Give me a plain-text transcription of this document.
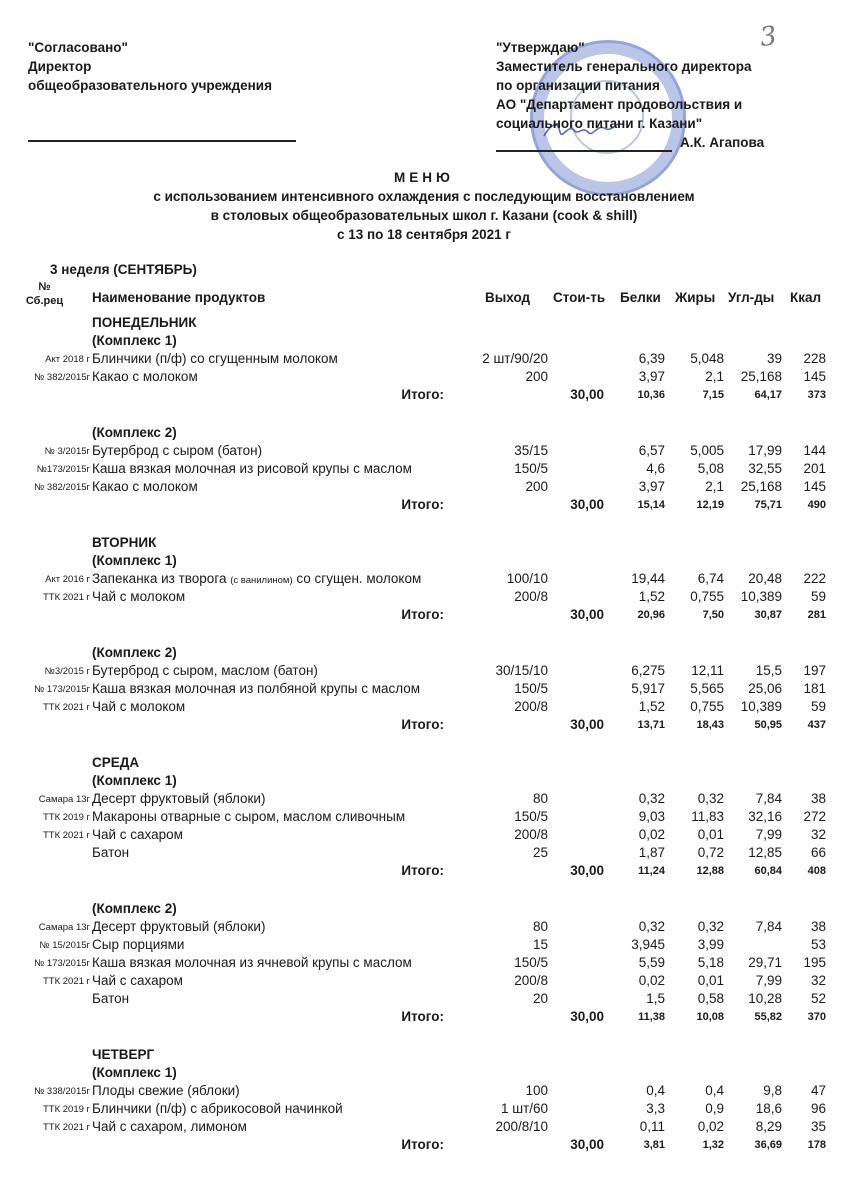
"Согласовано"
Директор
общеобразовательного учреждения
"Утверждаю"
Заместитель генерального директора
по организации питания
АО "Департамент продовольствия и
социального питани г. Казани"
А.К. Агапова
3
МЕНЮ
с использованием интенсивного охлаждения с последующим восстановлением
в столовых общеобразовательных школ г. Казани (cook & shill)
с 13 по 18 сентября 2021 г
3 неделя (СЕНТЯБРЬ)
№
Сб.рец Наименование продуктов	Выход Стои-ть Белки Жиры Угл-ды Ккал
ПОНЕДЕЛЬНИК
(Комплекс 1)
Акт 2018 г Блинчики (п/ф) со сгущенным молоком	2 шт/90/20	6,39 5,048	39 228
№ 382/2015г Какао с молоком	200	3,97	2,1 25,168 145
Итого:	30,00	10,36	7,15	64,17 373
(Комплекс 2)
№ 3/2015г Бутерброд с сыром (батон)	35/15	6,57 5,005 17,99 144
№173/2015г Каша вязкая молочная из рисовой крупы с маслом	150/5	4,6 5,08 32,55 201
№ 382/2015г Какао с молоком	200	3,97	2,1 25,168 145
Итого:	30,00	15,14	12,19	75,71 490
ВТОРНИК
(Комплекс 1)
Акт 2016 г Запеканка из творога (с ванилином) со сгущен. молоком	100/10	19,44 6,74 20,48 222
ТТК 2021 г Чай с молоком	200/8	1,52 0,755 10,389 59
Итого:	30,00	20,96	7,50	30,87 281
(Комплекс 2)
№3/2015 г Бутерброд с сыром, маслом (батон)	30/15/10	6,275 12,11 15,5 197
№ 173/2015г Каша вязкая молочная из полбяной крупы с маслом	150/5	5,917 5,565 25,06 181
ТТК 2021 г Чай с молоком	200/8	1,52 0,755 10,389 59
Итого:	30,00	13,71	18,43	50,95 437
СРЕДА
(Комплекс 1)
Самара 13г Десерт фруктовый (яблоки)	80	0,32 0,32 7,84 38
ТТК 2019 г Макароны отварные с сыром, маслом сливочным	150/5	9,03 11,83 32,16 272
ТТК 2021 г Чай с сахаром	200/8	0,02 0,01 7,99 32
Батон	25	1,87 0,72 12,85 66
Итого:	30,00	11,24	12,88	60,84 408
(Комплекс 2)
Самара 13г Десерт фруктовый (яблоки)	80	0,32 0,32 7,84 38
№ 15/2015г Сыр порциями	15	3,945 3,99	53
№ 173/2015г Каша вязкая молочная из ячневой крупы с маслом	150/5	5,59 5,18 29,71 195
ТТК 2021 г Чай с сахаром	200/8	0,02 0,01 7,99 32
Батон	20	1,5 0,58 10,28 52
Итого:	30,00	11,38	10,08	55,82 370
ЧЕТВЕРГ
(Комплекс 1)
№ 338/2015г Плоды свежие (яблоки)	100	0,4	0,4	9,8 47
ТТК 2019 г Блинчики (п/ф) с абрикосовой начинкой	1 шт/60	3,3	0,9 18,6 96
ТТК 2021 г Чай с сахаром, лимоном	200/8/10	0,11 0,02 8,29 35
Итого:	30,00	3,81	1,32	36,69 178
